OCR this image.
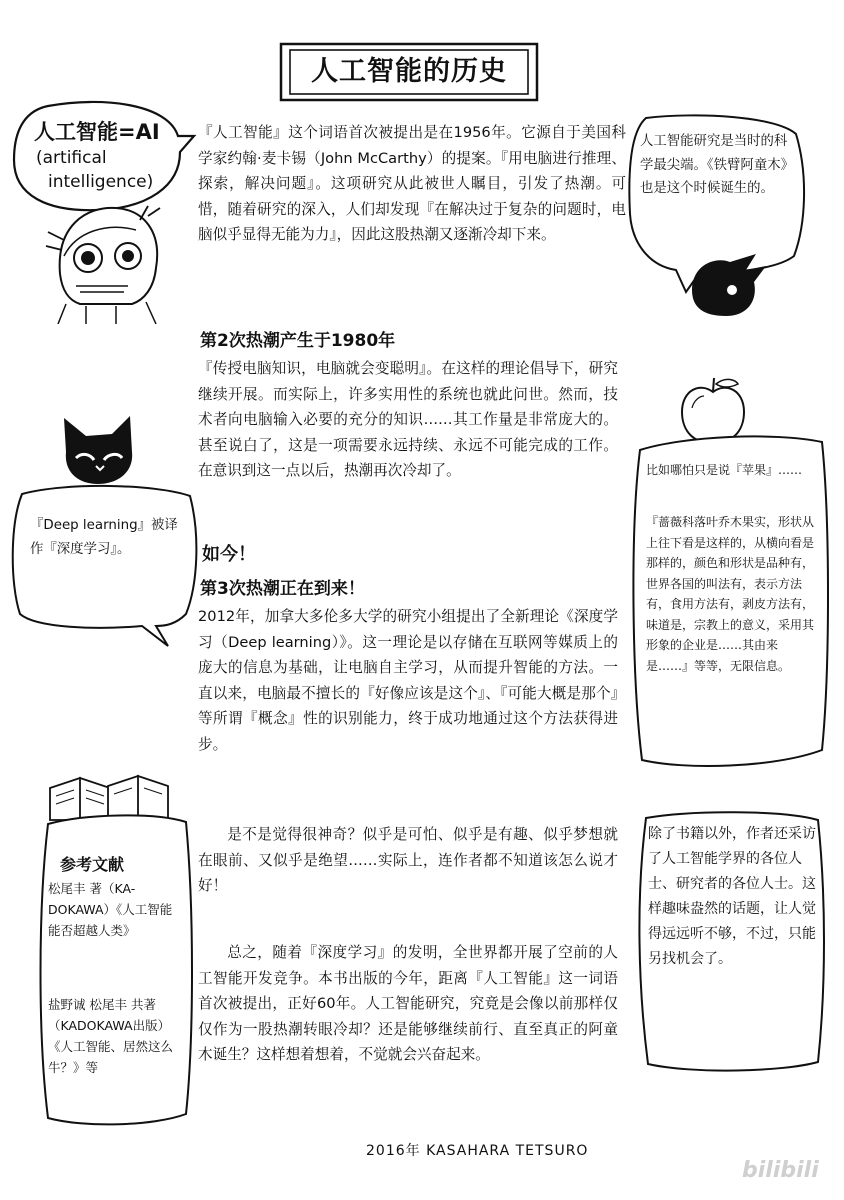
人工智能的历史
人工智能=AI
(artifical
intelligence)

『人工智能』这个词语首次被提出是在1956年。它源自于美国科学家约翰·麦卡锡（John McCarthy）的提案。『用电脑进行推理、探索，解决问题』。这项研究从此被世人瞩目，引发了热潮。可惜，随着研究的深入，人们却发现『在解决过于复杂的问题时，电脑似乎显得无能为力』，因此这股热潮又逐渐冷却下来。

人工智能研究是当时的科学最尖端。《铁臂阿童木》也是这个时候诞生的。

第2次热潮产生于1980年

『传授电脑知识，电脑就会变聪明』。在这样的理论倡导下，研究继续开展。而实际上，许多实用性的系统也就此问世。然而，技术者向电脑输入必要的充分的知识……其工作量是非常庞大的。甚至说白了，这是一项需要永远持续、永远不可能完成的工作。在意识到这一点以后，热潮再次冷却了。

『Deep learning』被译作『深度学习』。
比如哪怕只是说『苹果』……
『蔷薇科落叶乔木果实，形状从上往下看是这样的，从横向看是那样的，颜色和形状是品种有，世界各国的叫法有，表示方法有，食用方法有，剥皮方法有，味道是，宗教上的意义，采用其形象的企业是……其由来是……』等等，无限信息。

如今！

第3次热潮正在到来！

2012年，加拿大多伦多大学的研究小组提出了全新理论《深度学习（Deep learning）》。这一理论是以存储在互联网等媒质上的庞大的信息为基础，让电脑自主学习，从而提升智能的方法。一直以来，电脑最不擅长的『好像应该是这个』、『可能大概是那个』等所谓『概念』性的识别能力，终于成功地通过这个方法获得进步。

参考文献
松尾丰 著（KA-DOKAWA）《人工智能能否超越人类》
盐野诚 松尾丰 共著（KADOKAWA出版）《人工智能、居然这么牛？》等

是不是觉得很神奇？似乎是可怕、似乎是有趣、似乎梦想就在眼前、又似乎是绝望……实际上，连作者都不知道该怎么说才好！

总之，随着『深度学习』的发明，全世界都开展了空前的人工智能开发竞争。本书出版的今年，距离『人工智能』这一词语首次被提出，正好60年。人工智能研究，究竟是会像以前那样仅仅作为一股热潮转眼冷却？还是能够继续前行、直至真正的阿童木诞生？这样想着想着，不觉就会兴奋起来。

除了书籍以外，作者还采访了人工智能学界的各位人士、研究者的各位人士。这样趣味盎然的话题，让人觉得远远听不够，不过，只能另找机会了。
2016年 KASAHARA TETSURO
bilibili
